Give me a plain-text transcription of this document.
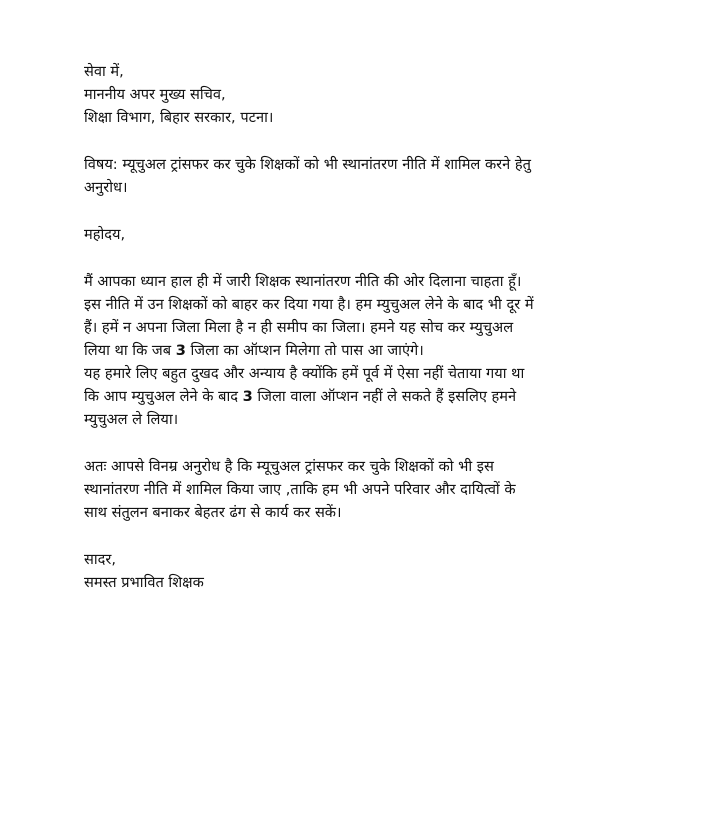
सेवा में,
माननीय अपर मुख्य सचिव,
शिक्षा विभाग, बिहार सरकार, पटना।
विषय: म्यूचुअल ट्रांसफर कर चुके शिक्षकों को भी स्थानांतरण नीति में शामिल करने हेतु
अनुरोध।
महोदय,
मैं आपका ध्यान हाल ही में जारी शिक्षक स्थानांतरण नीति की ओर दिलाना चाहता हूँ।
इस नीति में उन शिक्षकों को बाहर कर दिया गया है। हम म्युचुअल लेने के बाद भी दूर में
हैं। हमें न अपना जिला मिला है न ही समीप का जिला। हमने यह सोच कर म्युचुअल
लिया था कि जब 3 जिला का ऑप्शन मिलेगा तो पास आ जाएंगे।
यह हमारे लिए बहुत दुखद और अन्याय है क्योंकि हमें पूर्व में ऐसा नहीं चेताया गया था
कि आप म्युचुअल लेने के बाद 3 जिला वाला ऑप्शन नहीं ले सकते हैं इसलिए हमने
म्युचुअल ले लिया।
अतः आपसे विनम्र अनुरोध है कि म्यूचुअल ट्रांसफर कर चुके शिक्षकों को भी इस
स्थानांतरण नीति में शामिल किया जाए ,ताकि हम भी अपने परिवार और दायित्वों के
साथ संतुलन बनाकर बेहतर ढंग से कार्य कर सकें।
सादर,
समस्त प्रभावित शिक्षक
